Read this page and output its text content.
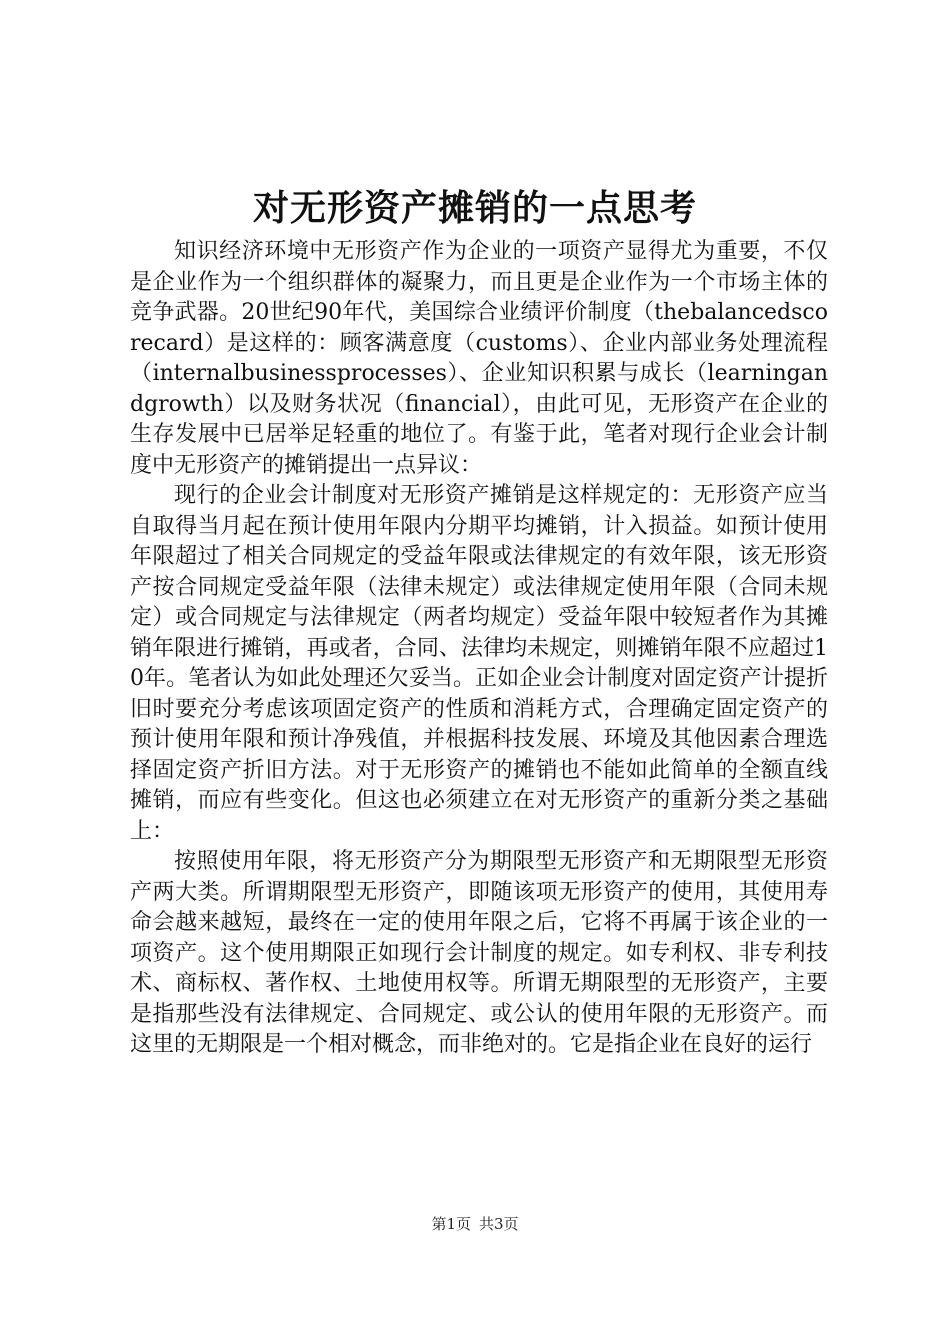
对无形资产摊销的一点思考

知识经济环境中无形资产作为企业的一项资产显得尤为重要，不仅是企业作为一个组织群体的凝聚力，而且更是企业作为一个市场主体的竞争武器。20世纪90年代，美国综合业绩评价制度（thebalancedscorecard）是这样的：顾客满意度（customs）、企业内部业务处理流程（internalbusinessprocesses）、企业知识积累与成长（learningandgrowth）以及财务状况（financial），由此可见，无形资产在企业的生存发展中已居举足轻重的地位了。有鉴于此，笔者对现行企业会计制度中无形资产的摊销提出一点异议：

现行的企业会计制度对无形资产摊销是这样规定的：无形资产应当自取得当月起在预计使用年限内分期平均摊销，计入损益。如预计使用年限超过了相关合同规定的受益年限或法律规定的有效年限，该无形资产按合同规定受益年限（法律未规定）或法律规定使用年限（合同未规定）或合同规定与法律规定（两者均规定）受益年限中较短者作为其摊销年限进行摊销，再或者，合同、法律均未规定，则摊销年限不应超过10年。笔者认为如此处理还欠妥当。正如企业会计制度对固定资产计提折旧时要充分考虑该项固定资产的性质和消耗方式，合理确定固定资产的预计使用年限和预计净残值，并根据科技发展、环境及其他因素合理选择固定资产折旧方法。对于无形资产的摊销也不能如此简单的全额直线摊销，而应有些变化。但这也必须建立在对无形资产的重新分类之基础上：

按照使用年限，将无形资产分为期限型无形资产和无期限型无形资产两大类。所谓期限型无形资产，即随该项无形资产的使用，其使用寿命会越来越短，最终在一定的使用年限之后，它将不再属于该企业的一项资产。这个使用期限正如现行会计制度的规定。如专利权、非专利技术、商标权、著作权、土地使用权等。所谓无期限型的无形资产，主要是指那些没有法律规定、合同规定、或公认的使用年限的无形资产。而这里的无期限是一个相对概念，而非绝对的。它是指企业在良好的运行

第1页 共3页
